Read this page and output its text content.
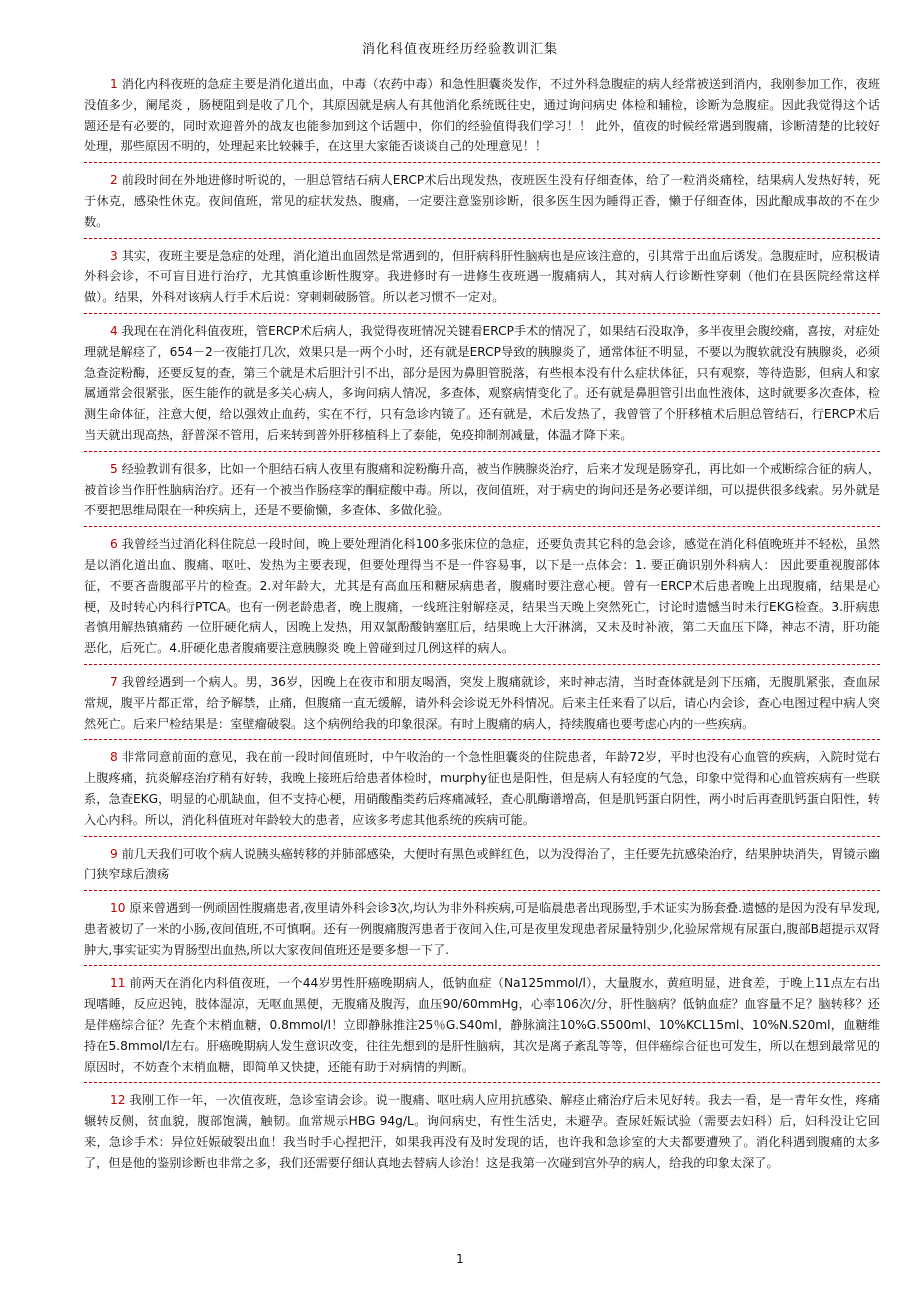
消化科值夜班经历经验教训汇集

1 消化内科夜班的急症主要是消化道出血，中毒（农药中毒）和急性胆囊炎发作，不过外科急腹症的病人经常被送到消内，我刚参加工作，夜班没值多少，阑尾炎 ，肠梗阻到是收了几个，其原因就是病人有其他消化系统既往史，通过询问病史 体检和辅检，诊断为急腹症。因此我觉得这个话题还是有必要的，同时欢迎普外的战友也能参加到这个话题中，你们的经验值得我们学习！！ 此外，值夜的时候经常遇到腹痛，诊断清楚的比较好处理，那些原因不明的，处理起来比较棘手，在这里大家能否谈谈自己的处理意见！！

2 前段时间在外地进修时听说的，一胆总管结石病人ERCP术后出现发热，夜班医生没有仔细查体，给了一粒消炎痛栓，结果病人发热好转，死于休克，感染性休克。夜间值班，常见的症状发热、腹痛，一定要注意鉴别诊断，很多医生因为睡得正香，懒于仔细查体，因此酿成事故的不在少数。

3 其实，夜班主要是急症的处理，消化道出血固然是常遇到的，但肝病科肝性脑病也是应该注意的，引其常于出血后诱发。急腹症时，应积极请外科会诊，不可盲目进行治疗，尤其慎重诊断性腹穿。我进修时有一进修生夜班遇一腹痛病人，其对病人行诊断性穿刺（他们在县医院经常这样做）。结果，外科对该病人行手术后说：穿刺刺破肠管。所以老习惯不一定对。

4 我现在在消化科值夜班，管ERCP术后病人，我觉得夜班情况关键看ERCP手术的情况了，如果结石没取净，多半夜里会腹绞痛，喜按，对症处理就是解痉了，654－2一夜能打几次，效果只是一两个小时，还有就是ERCP导致的胰腺炎了，通常体征不明显，不要以为腹软就没有胰腺炎，必须急查淀粉酶，还要反复的查，第三个就是术后胆汁引不出，部分是因为鼻胆管脱落，有些根本没有什么症状体征，只有观察，等待造影，但病人和家属通常会很紧张，医生能作的就是多关心病人，多询问病人情况，多查体，观察病情变化了。还有就是鼻胆管引出血性液体，这时就要多次查体，检测生命体征，注意大便，给以强效止血药，实在不行，只有急诊内镜了。还有就是，术后发热了，我曾管了个肝移植术后胆总管结石，行ERCP术后当天就出现高热，舒普深不管用，后来转到普外肝移植科上了泰能，免疫抑制剂减量，体温才降下来。

5 经验教训有很多，比如一个胆结石病人夜里有腹痛和淀粉酶升高，被当作胰腺炎治疗，后来才发现是肠穿孔，再比如一个戒断综合征的病人，被首诊当作肝性脑病治疗。还有一个被当作肠痉挛的酮症酸中毒。所以，夜间值班，对于病史的询问还是务必要详细，可以提供很多线索。另外就是不要把思维局限在一种疾病上，还是不要偷懒，多查体、多做化验。

6 我曾经当过消化科住院总一段时间，晚上要处理消化科100多张床位的急症，还要负责其它科的急会诊，感觉在消化科值晚班并不轻松，虽然是以消化道出血、腹痛、呕吐、发热为主要表现，但要处理得当不是一件容易事，以下是一点体会：1. 要正确识别外科病人： 因此要重视腹部体征，不要吝啬腹部平片的检查。2.对年龄大，尤其是有高血压和糖尿病患者，腹痛时要注意心梗。曾有一ERCP术后患者晚上出现腹痛，结果是心梗，及时转心内科行PTCA。也有一例老龄患者，晚上腹痛，一线班注射解痉灵，结果当天晚上突然死亡，讨论时遗憾当时未行EKG检查。3.肝病患者慎用解热镇痛药 一位肝硬化病人，因晚上发热，用双氯酚酸钠塞肛后，结果晚上大汗淋漓，又未及时补液，第二天血压下降，神志不清，肝功能恶化，后死亡。4.肝硬化患者腹痛要注意胰腺炎 晚上曾碰到过几例这样的病人。

7 我曾经遇到一个病人。男，36岁，因晚上在夜市和朋友喝酒，突发上腹痛就诊，来时神志清，当时查体就是剑下压痛，无腹肌紧张，查血尿常规，腹平片都正常，给予解禁，止痛，但腹痛一直无缓解，请外科会诊说无外科情况。后来主任来看了以后，请心内会诊，查心电图过程中病人突然死亡。后来尸检结果是：室壁瘤破裂。这个病例给我的印象很深。有时上腹痛的病人，持续腹痛也要考虑心内的一些疾病。

8 非常同意前面的意见，我在前一段时间值班时，中午收治的一个急性胆囊炎的住院患者，年龄72岁，平时也没有心血管的疾病，入院时觉右上腹疼痛，抗炎解痉治疗稍有好转，我晚上接班后给患者体检时，murphy征也是阳性，但是病人有轻度的气急，印象中觉得和心血管疾病有一些联系，急查EKG，明显的心肌缺血，但不支持心梗，用硝酸酯类药后疼痛减轻，查心肌酶谱增高，但是肌钙蛋白阴性，两小时后再查肌钙蛋白阳性，转入心内科。所以，消化科值班对年龄较大的患者，应该多考虑其他系统的疾病可能。

9 前几天我们可收个病人说胰头癌转移的并肺部感染，大便时有黑色或鲜红色，以为没得治了，主任要先抗感染治疗，结果肿块消失，胃镜示幽门狭窄球后溃疡

10 原来曾遇到一例顽固性腹痛患者,夜里请外科会诊3次,均认为非外科疾病,可是临晨患者出现肠型,手术证实为肠套叠.遗憾的是因为没有早发现,患者被切了一米的小肠,夜间值班,不可慎啊。还有一例腹痛腹泻患者于夜间入住,可是夜里发现患者尿量特别少,化验尿常规有尿蛋白,腹部B超提示双肾肿大,事实证实为胃肠型出血热,所以大家夜间值班还是要多想一下了.

11 前两天在消化内科值夜班，一个44岁男性肝癌晚期病人，低钠血症（Na125mmol/l），大量腹水，黄疸明显，进食差，于晚上11点左右出现嗜睡，反应迟钝，肢体湿凉，无呕血黑便，无腹痛及腹泻，血压90/60mmHg，心率106次/分，肝性脑病？低钠血症？血容量不足？脑转移？还是伴癌综合征？先查个末梢血糖，0.8mmol/l！立即静脉推注25％G.S40ml，静脉滴注10%G.S500ml、10%KCL15ml、10%N.S20ml，血糖维持在5.8mmol/l左右。肝癌晚期病人发生意识改变，往往先想到的是肝性脑病，其次是离子紊乱等等，但伴癌综合征也可发生，所以在想到最常见的原因时，不妨查个末梢血糖，即简单又快捷，还能有助于对病情的判断。

12 我刚工作一年，一次值夜班，急诊室请会诊。说一腹痛、呕吐病人应用抗感染、解痉止痛治疗后未见好转。我去一看，是一青年女性，疼痛辗转反侧，贫血貌，腹部饱满，触韧。血常规示HBG 94g/L。询问病史，有性生活史，未避孕。查尿妊娠试验（需要去妇科）后，妇科没让它回来，急诊手术：异位妊娠破裂出血！我当时手心捏把汗，如果我再没有及时发现的话，也许我和急诊室的大夫都要遭殃了。消化科遇到腹痛的太多了，但是他的鉴别诊断也非常之多，我们还需要仔细认真地去替病人诊治！这是我第一次碰到宫外孕的病人，给我的印象太深了。

1
